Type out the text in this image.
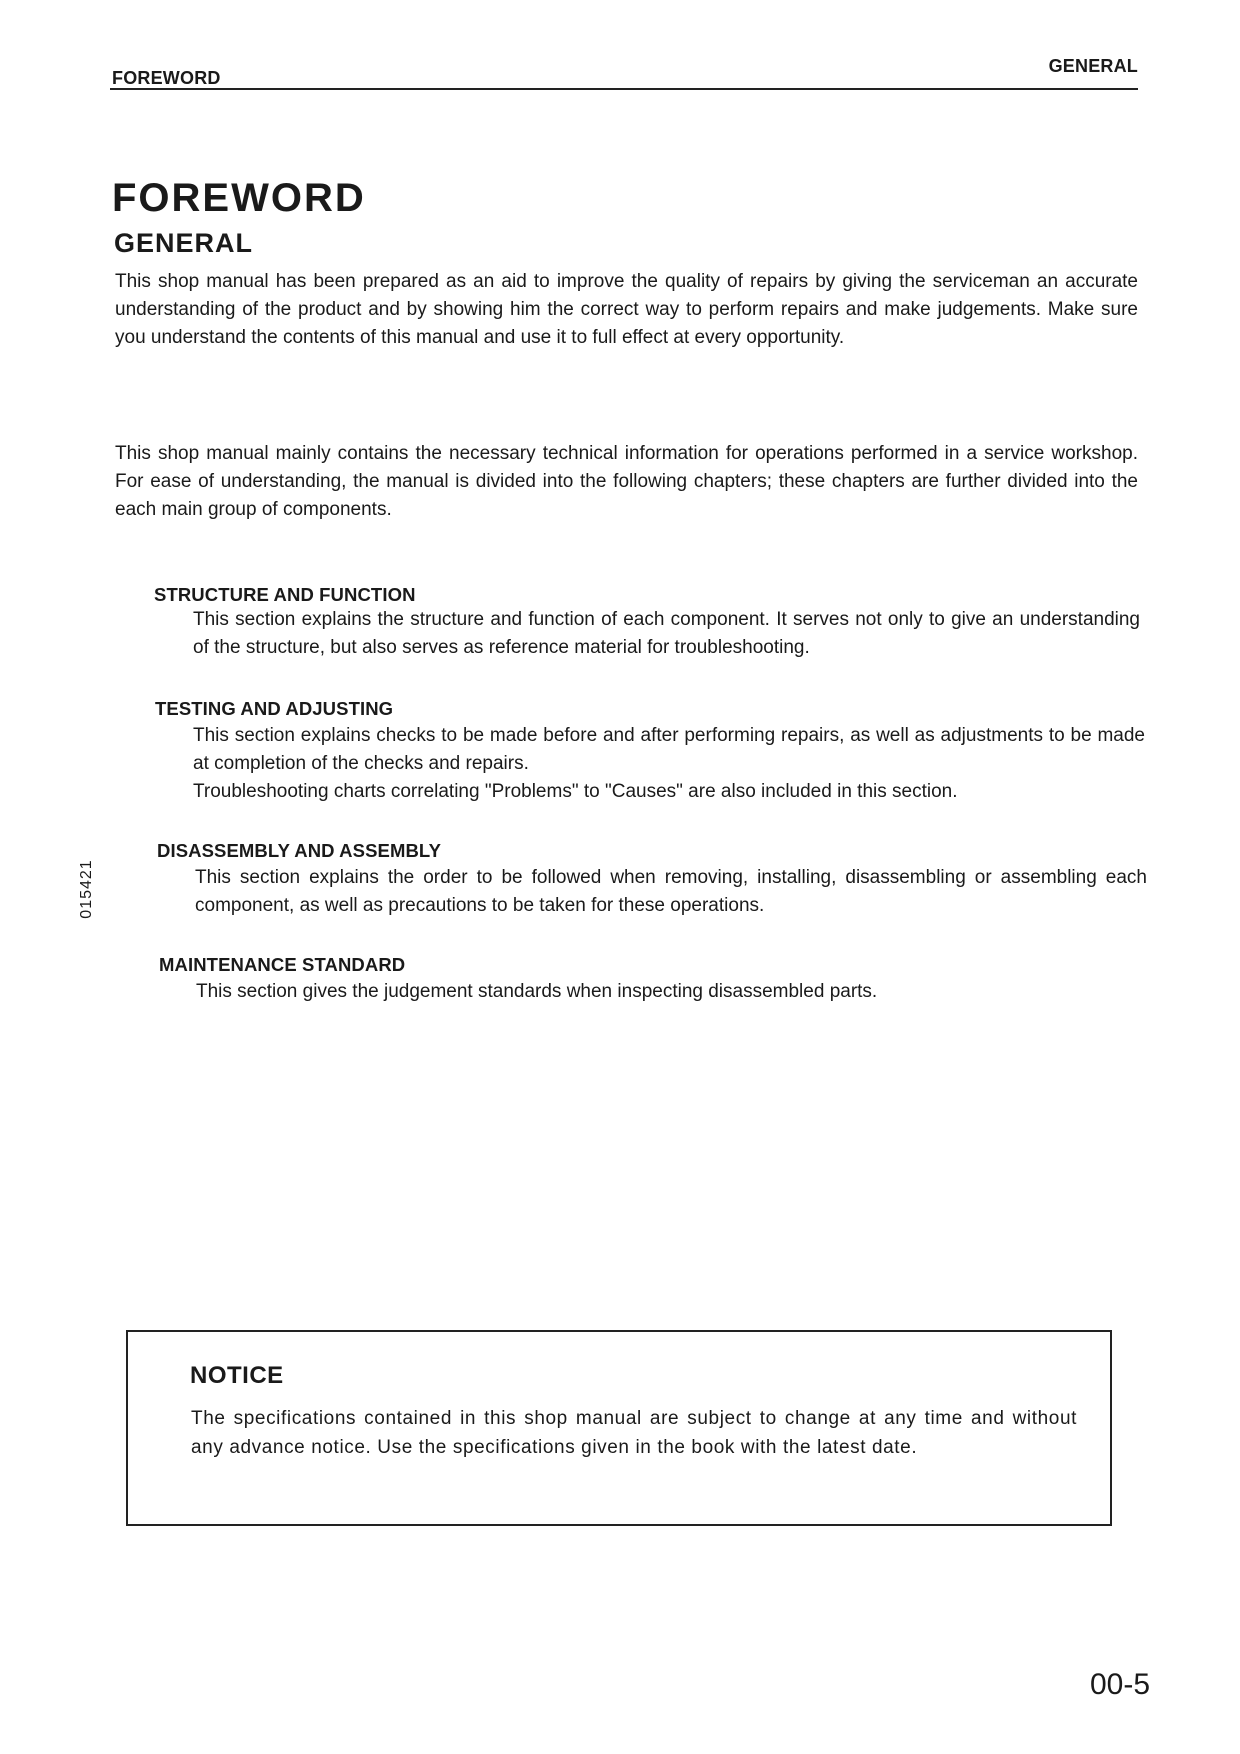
FOREWORD
GENERAL
FOREWORD
GENERAL

This shop manual has been prepared as an aid to improve the quality of repairs by giving the serviceman an accurate understanding of the product and by showing him the correct way to perform repairs and make judgements. Make sure you understand the contents of this manual and use it to full effect at every opportunity.

This shop manual mainly contains the necessary technical information for operations performed in a service workshop. For ease of understanding, the manual is divided into the following chapters; these chapters are further divided into the each main group of components.

STRUCTURE AND FUNCTION

This section explains the structure and function of each component. It serves not only to give an understanding of the structure, but also serves as reference material for troubleshooting.

TESTING AND ADJUSTING
This section explains checks to be made before and after performing repairs, as well as adjustments to be made at completion of the checks and repairs.
Troubleshooting charts correlating "Problems" to "Causes" are also included in this section.
DISASSEMBLY AND ASSEMBLY

This section explains the order to be followed when removing, installing, disassembling or assembling each component, as well as precautions to be taken for these operations.

MAINTENANCE STANDARD

This section gives the judgement standards when inspecting disassembled parts.

015421
NOTICE

The specifications contained in this shop manual are subject to change at any time and without any advance notice. Use the specifications given in the book with the latest date.

00-5
